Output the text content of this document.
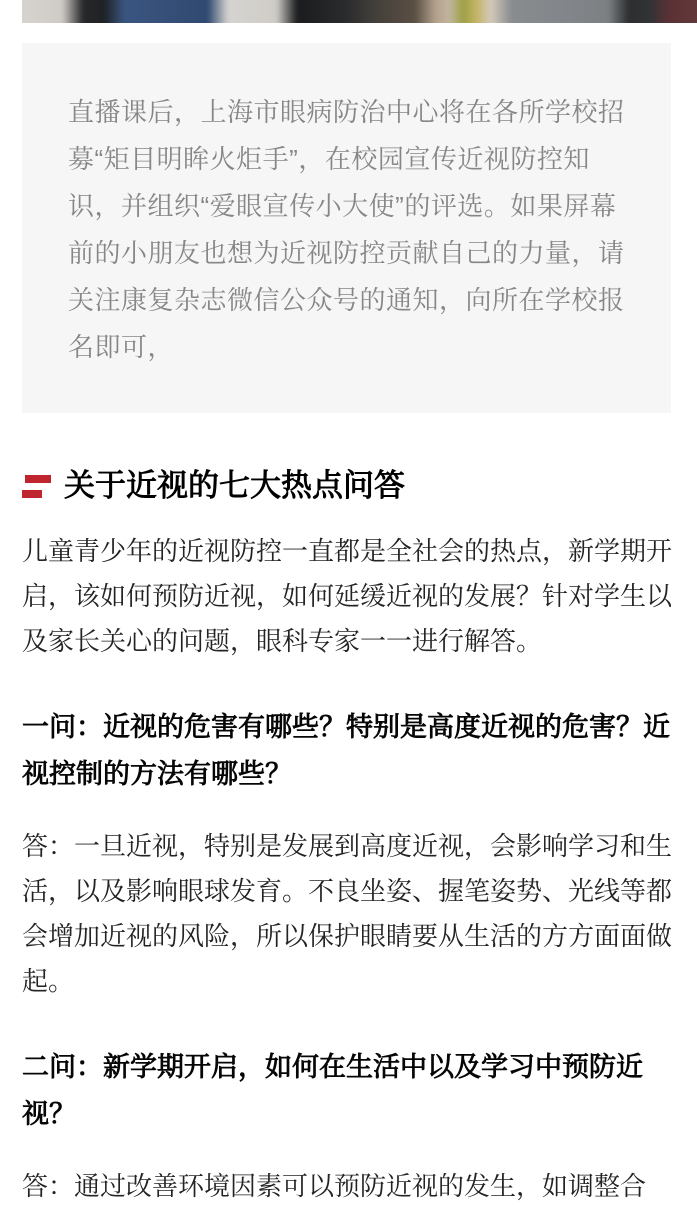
直播课后，上海市眼病防治中心将在各所学校招募“矩目明眸火炬手”，在校园宣传近视防控知识，并组织“爱眼宣传小大使”的评选。如果屏幕前的小朋友也想为近视防控贡献自己的力量，请关注康复杂志微信公众号的通知，向所在学校报名即可，

关于近视的七大热点问答

儿童青少年的近视防控一直都是全社会的热点，新学期开启，该如何预防近视，如何延缓近视的发展？针对学生以及家长关心的问题，眼科专家一一进行解答。

一问：近视的危害有哪些？特别是高度近视的危害？近视控制的方法有哪些？

答：一旦近视，特别是发展到高度近视，会影响学习和生活，以及影响眼球发育。不良坐姿、握笔姿势、光线等都会增加近视的风险，所以保护眼睛要从生活的方方面面做起。

二问：新学期开启，如何在生活中以及学习中预防近视？

答：通过改善环境因素可以预防近视的发生，如调整合
